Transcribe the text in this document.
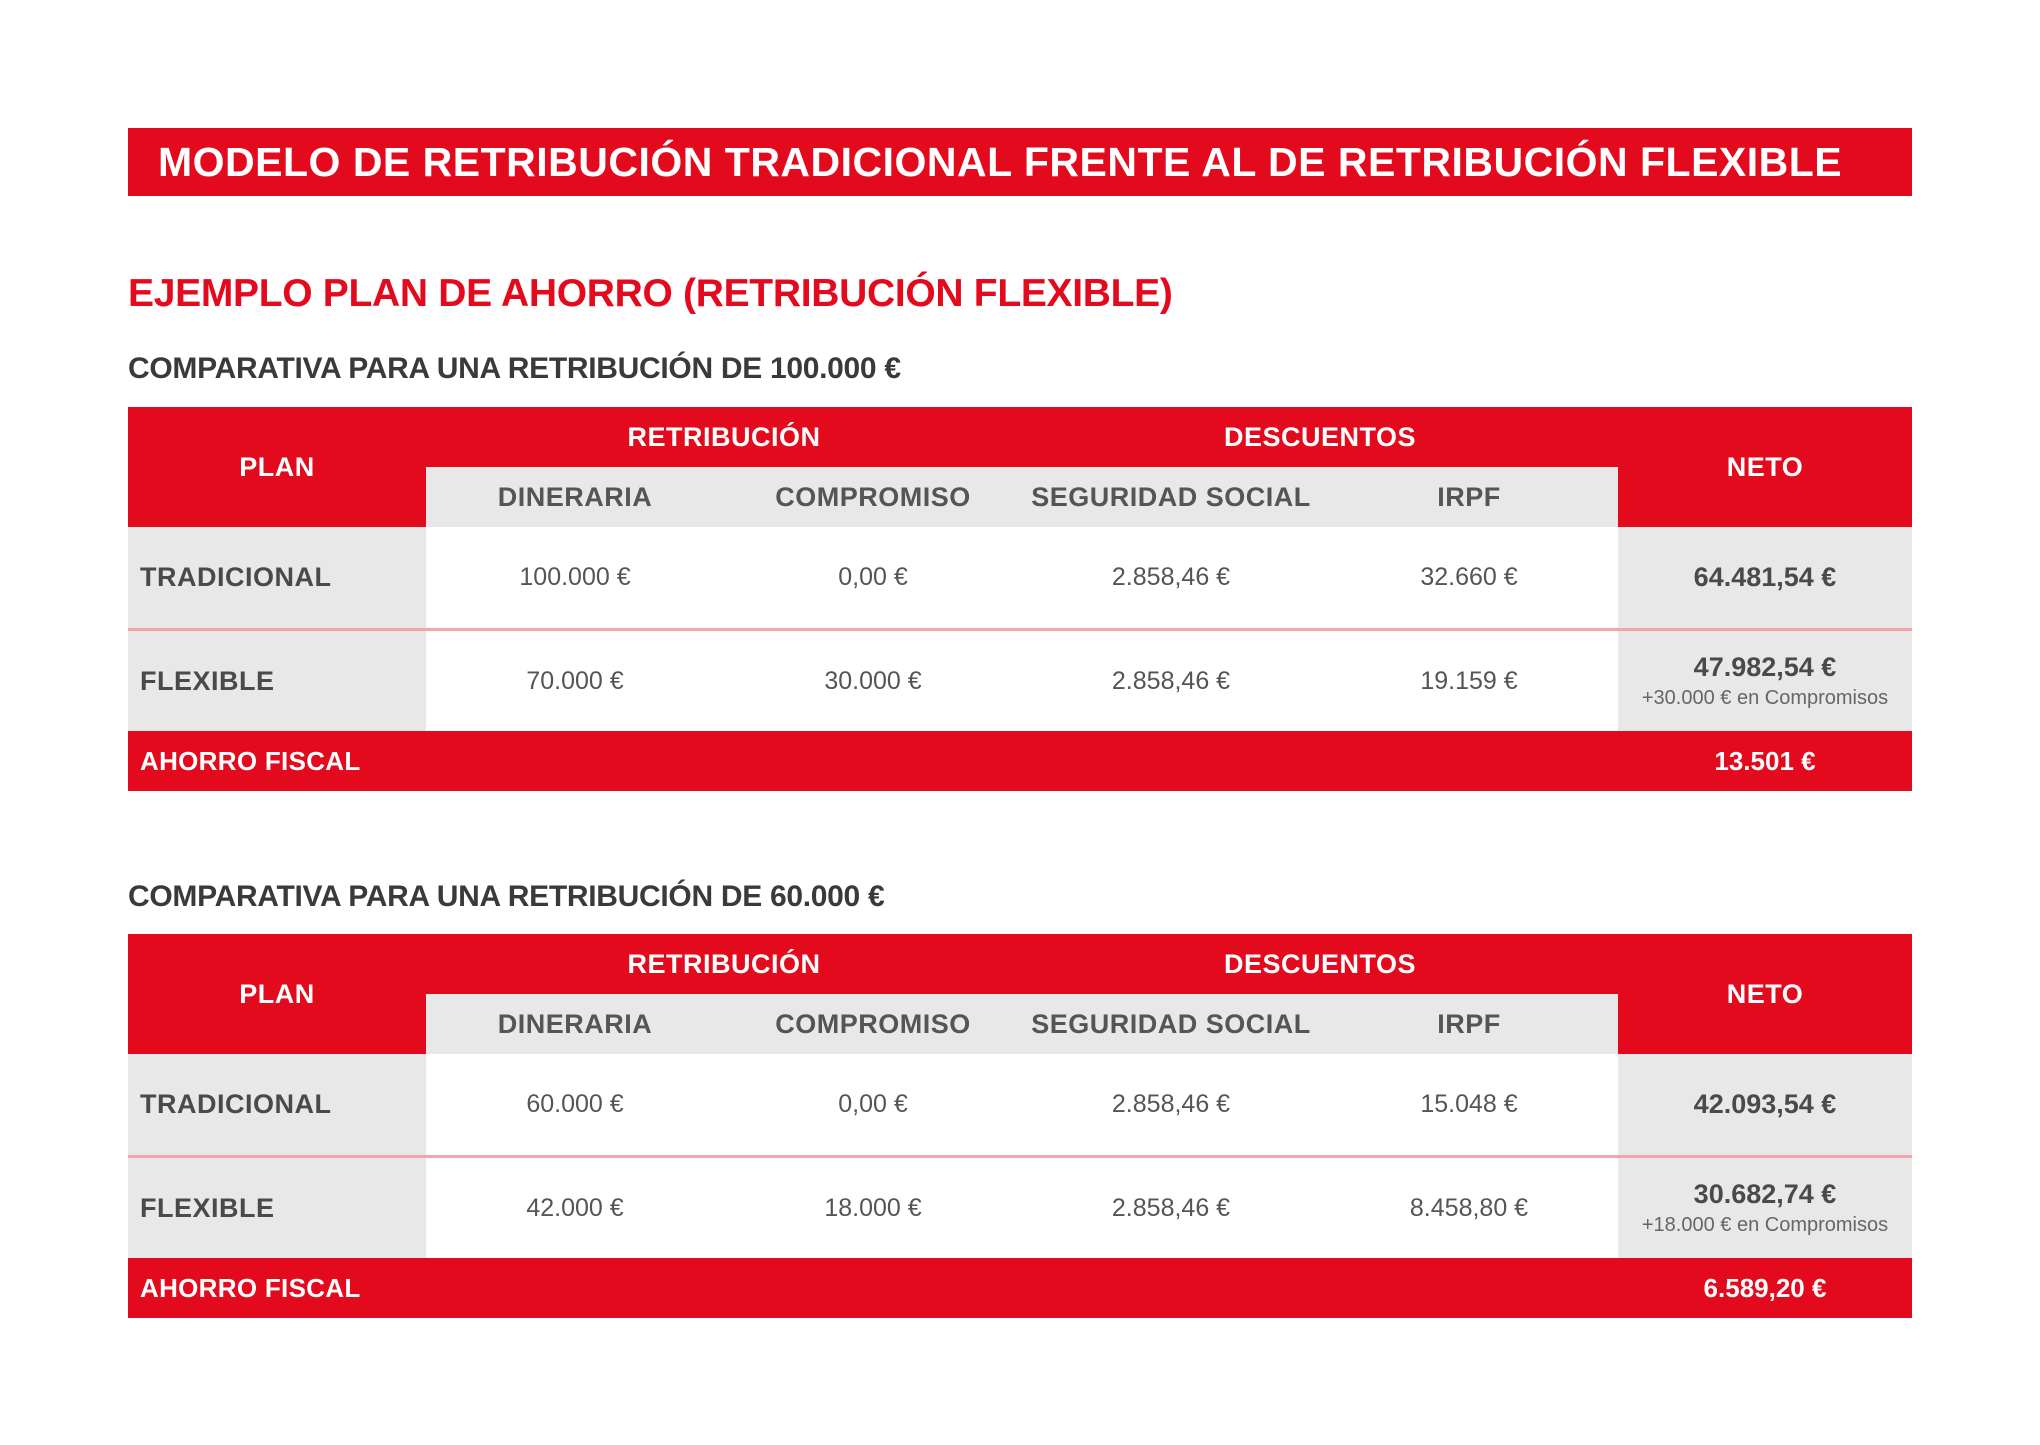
MODELO DE RETRIBUCIÓN TRADICIONAL FRENTE AL DE RETRIBUCIÓN FLEXIBLE
EJEMPLO PLAN DE AHORRO (RETRIBUCIÓN FLEXIBLE)
COMPARATIVA PARA UNA RETRIBUCIÓN DE 100.000 €
PLAN
RETRIBUCIÓN	DESCUENTOS
NETO
DINERARIA	COMPROMISO	SEGURIDAD SOCIAL	IRPF
TRADICIONAL	100.000 €	0,00 €	2.858,46 €	32.660 €	64.481,54 €
FLEXIBLE	70.000 €	30.000 €	2.858,46 €	19.159 €	47.982,54 €
+30.000 € en Compromisos
AHORRO FISCAL	13.501 €
COMPARATIVA PARA UNA RETRIBUCIÓN DE 60.000 €
PLAN
RETRIBUCIÓN	DESCUENTOS
NETO
DINERARIA	COMPROMISO	SEGURIDAD SOCIAL	IRPF
TRADICIONAL	60.000 €	0,00 €	2.858,46 €	15.048 €	42.093,54 €
FLEXIBLE	42.000 €	18.000 €	2.858,46 €	8.458,80 €	30.682,74 €
+18.000 € en Compromisos
AHORRO FISCAL	6.589,20 €
